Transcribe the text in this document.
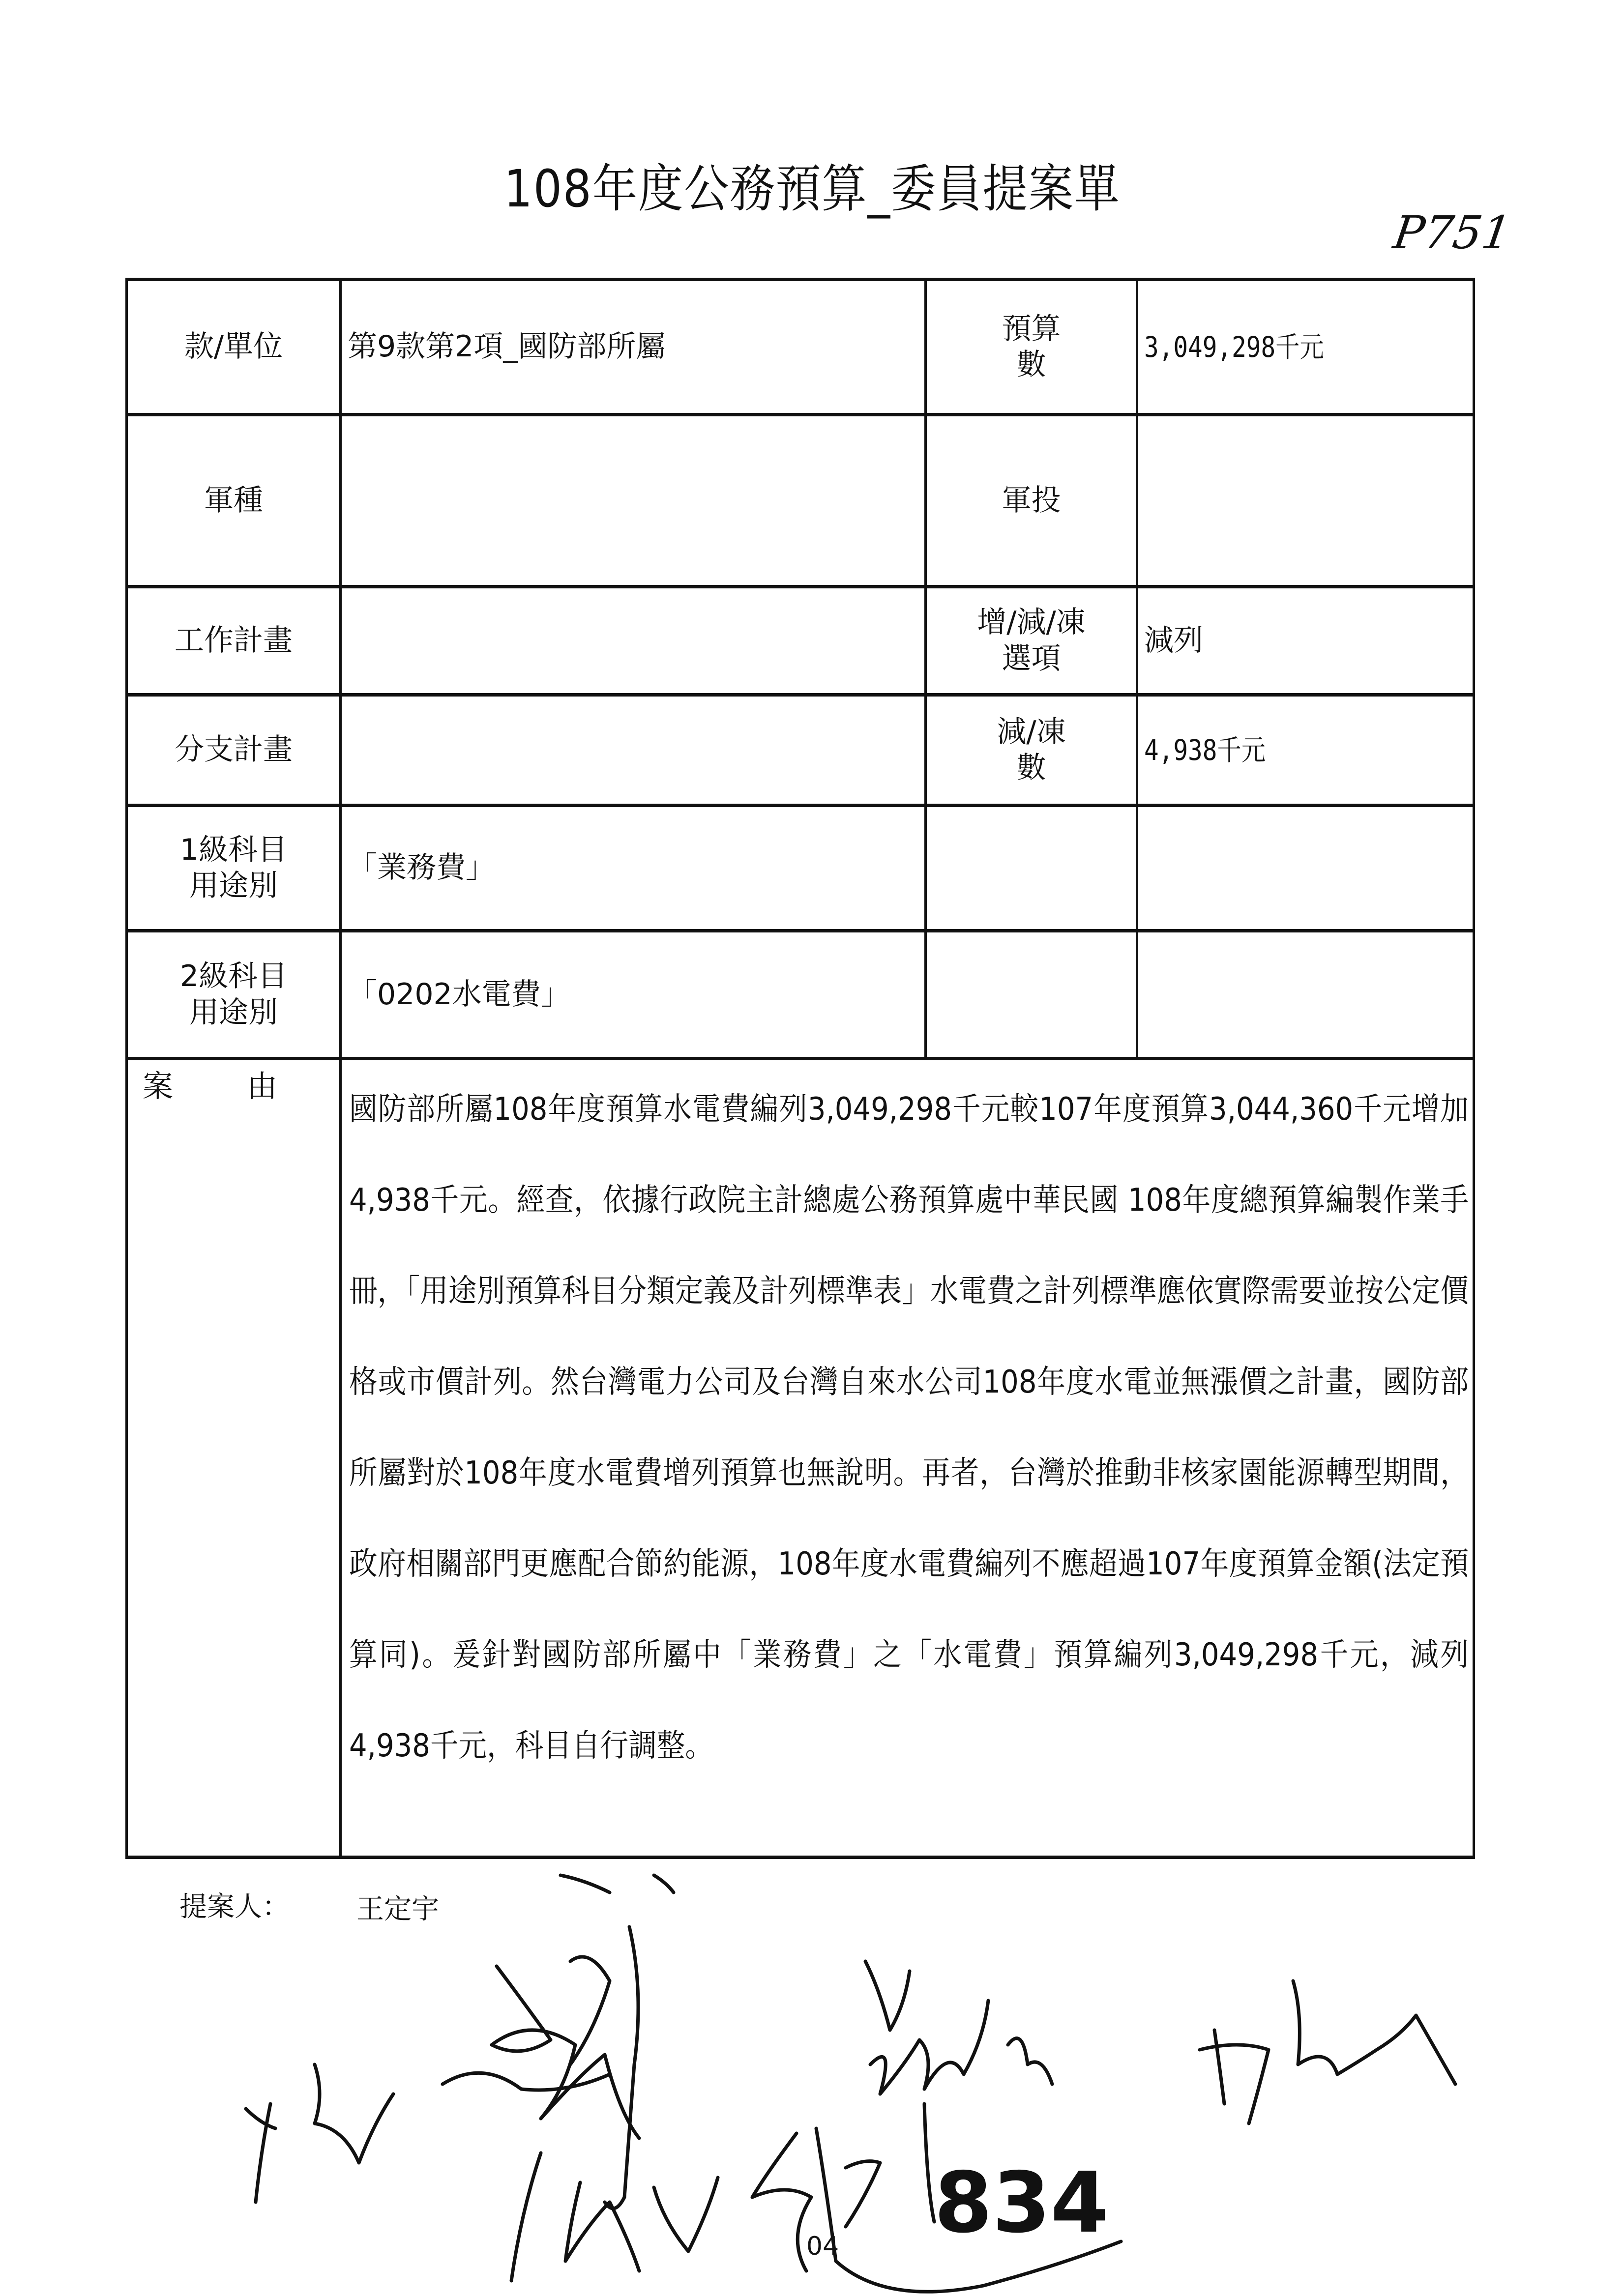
108年度公務預算_委員提案單
P751
款/單位	第9款第2項_國防部所屬
預算
數
3,049,298千元
軍種	軍投
工作計畫
增/減/凍
選項
減列
分支計畫
減/凍
數
4,938千元
1級科目
用途別
「業務費」
2級科目
用途別
「0202水電費」
案由
國防部所屬108年度預算水電費編列3,049,298千元較107年度預算3,044,360千元增加4,938千元。經查，依據行政院主計總處公務預算處中華民國 108年度總預算編製作業手冊，「用途別預算科目分類定義及計列標準表」水電費之計列標準應依實際需要並按公定價格或市價計列。然台灣電力公司及台灣自來水公司108年度水電並無漲價之計畫，國防部所屬對於108年度水電費增列預算也無說明。再者，台灣於推動非核家園能源轉型期間，政府相關部門更應配合節約能源，108年度水電費編列不應超過107年度預算金額(法定預算同)。爰針對國防部所屬中「業務費」之「水電費」預算編列3,049,298千元，減列4,938千元，科目自行調整。
提案人： 王定宇
834
04
